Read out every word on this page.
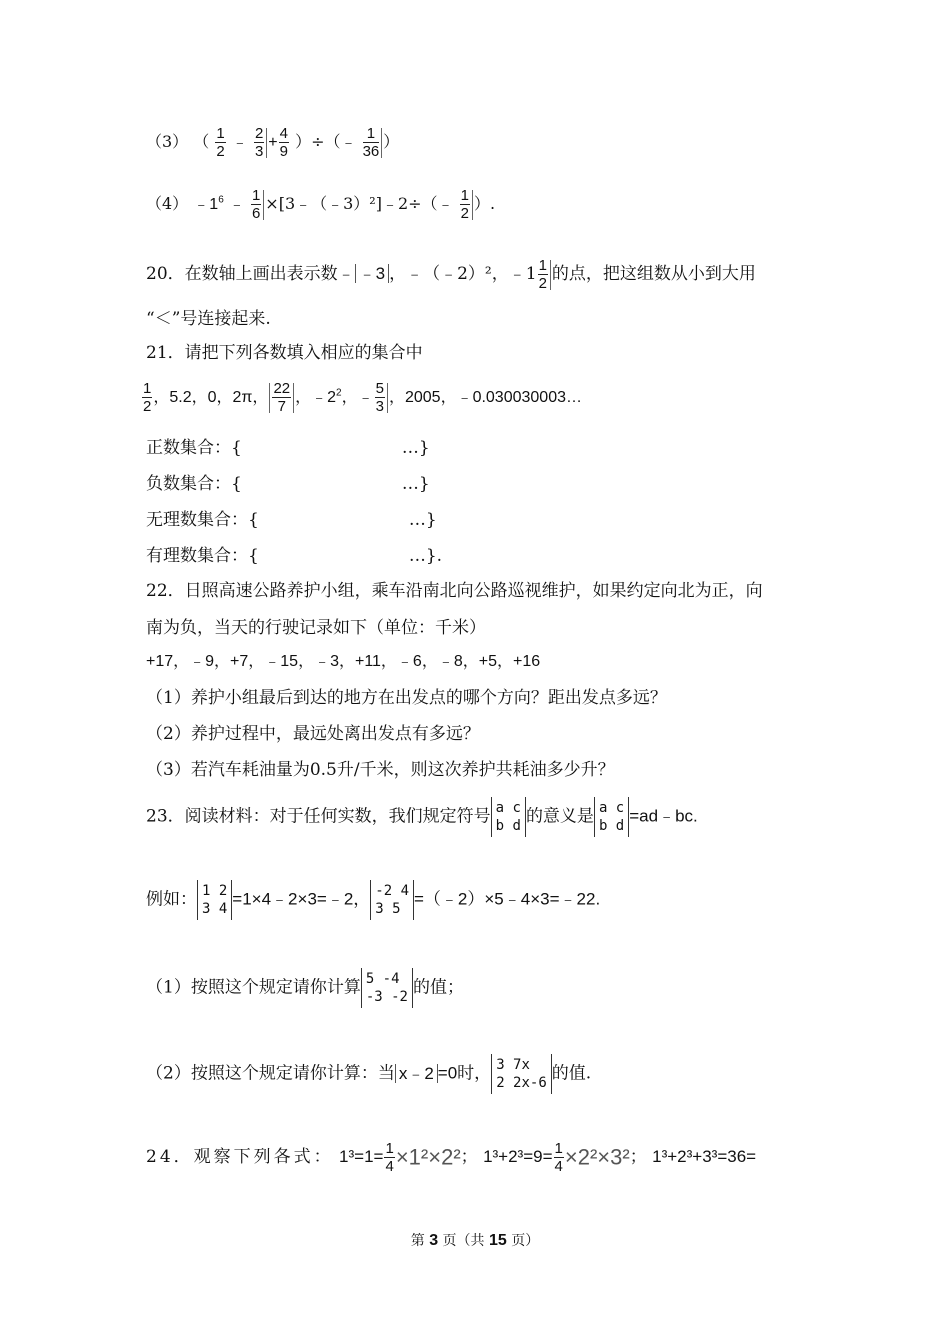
（3） （ $\frac{1}{2}$ ﹣ $\frac{2}{3} + \frac{4}{9}$ ）÷（﹣ $\frac{1}{36}$ ）
（4） $﹣1^6$ ﹣ $\frac{1}{6}$ ×[3﹣（﹣3）²]﹣2÷（﹣ $\frac{1}{2}$ ）.
20．在数轴上画出表示数﹣ ﹣3 ，﹣（﹣2）²，﹣1 $\frac{1}{2}$ 的点，把这组数从小到大用
“＜”号连接起来.
21．请把下列各数填入相应的集合中
$\frac{1}{2}$ ，5.2，0，2π， $\frac{22}{7}$ ，$﹣2^2$，﹣ $\frac{5}{3}$ ，2005，﹣0.030030003…
正数集合：{	…}
负数集合：{	…}
无理数集合：{	…}
有理数集合：{	…}.
22．日照高速公路养护小组，乘车沿南北向公路巡视维护，如果约定向北为正，向
南为负，当天的行驶记录如下（单位：千米）
+17，﹣9，+7，﹣15，﹣3，+11，﹣6，﹣8，+5，+16
（1）养护小组最后到达的地方在出发点的哪个方向？距出发点多远？
（2）养护过程中，最远处离出发点有多远？
（3）若汽车耗油量为0.5升/千米，则这次养护共耗油多少升？
23．阅读材料：对于任何实数，我们规定符号 a c
b d 的意义是 a c
b d
=ad﹣bc.
例如： 1 2
3 4
=1×4﹣2×3=﹣2， -2 4
3 5
=（﹣2）×5﹣4×3=﹣22.
（1）按照这个规定请你计算 5 -4
-3 -2 的值；
（2）按照这个规定请你计算：当 x﹣2 =0时， 3 7x
2 2x-6 的值.
24．观察下列各式： $1^3=1= \frac{1}{4} \times 1^2\times 2^2$； $1^3+2^3=9= \frac{1}{4} \times 2^2\times 3^2$； 1³+2³+3³=36=
第 3 页（共 15 页）
